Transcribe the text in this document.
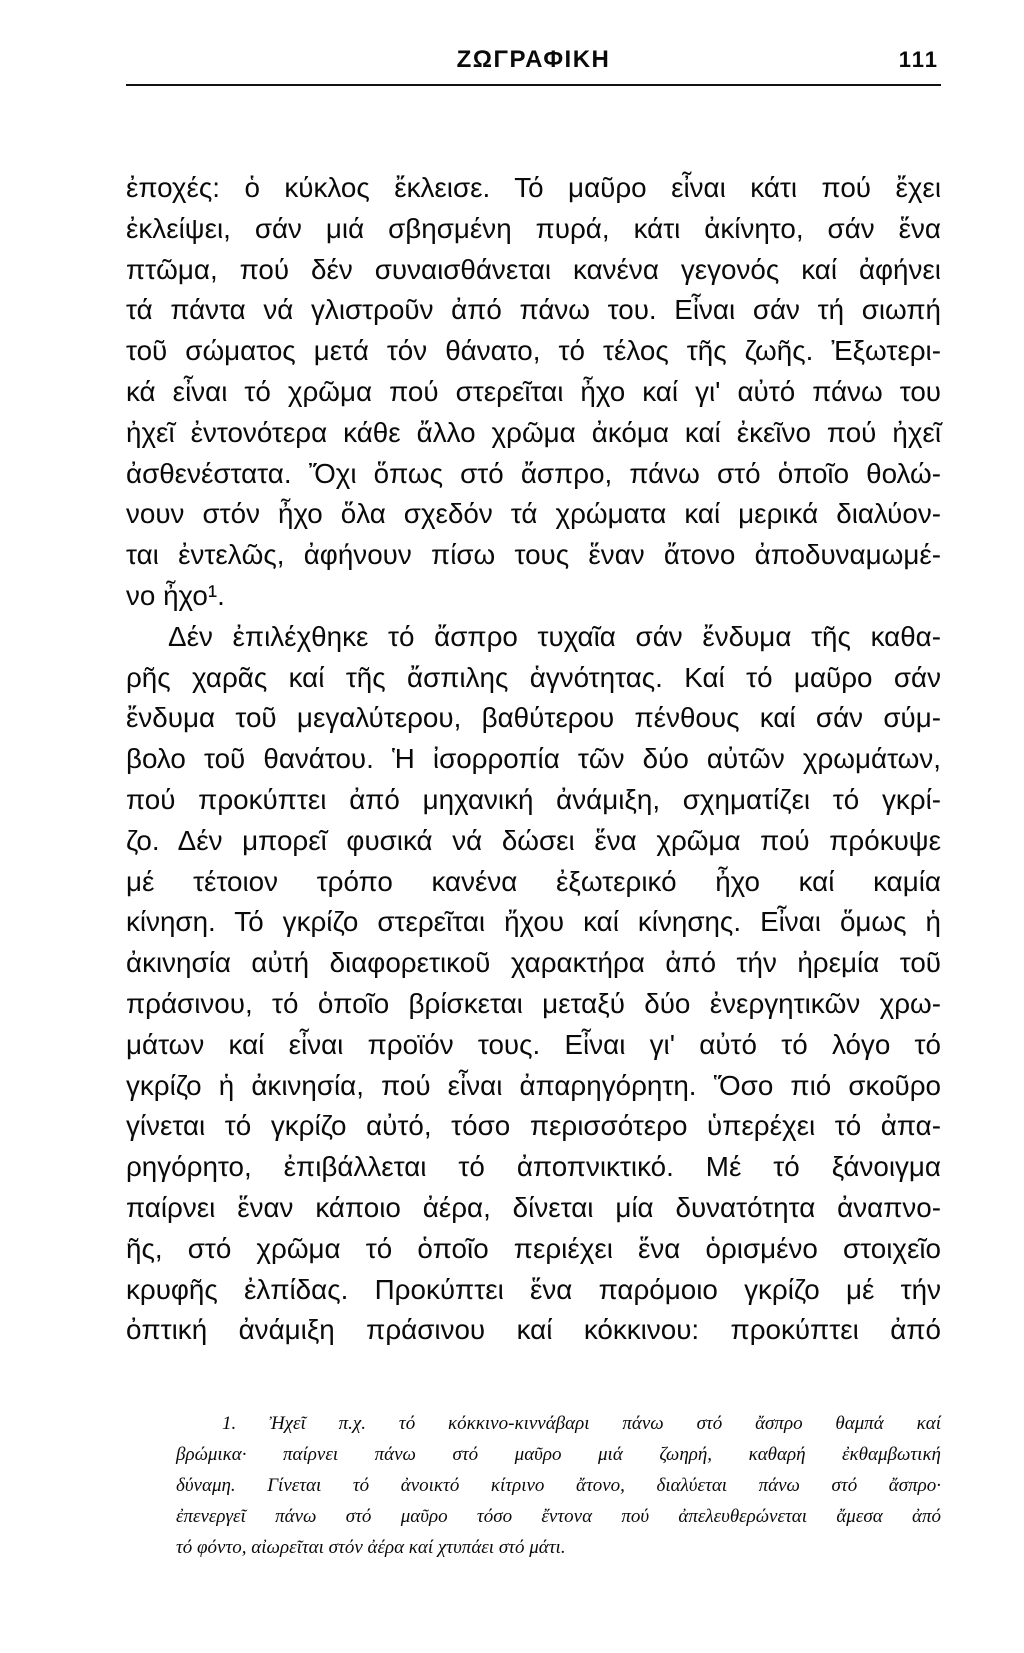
ΖΩΓΡΑΦΙΚΗ	111
ἐποχές: ὁ κύκλος ἔκλεισε. Τό μαῦρο εἶναι κάτι πού ἔχει
ἐκλείψει, σάν μιά σβησμένη πυρά, κάτι ἀκίνητο, σάν ἕνα
πτῶμα, πού δέν συναισθάνεται κανένα γεγονός καί ἀφήνει
τά πάντα νά γλιστροῦν ἀπό πάνω του. Εἶναι σάν τή σιωπή
τοῦ σώματος μετά τόν θάνατο, τό τέλος τῆς ζωῆς. Ἐξωτερι-
κά εἶναι τό χρῶμα πού στερεῖται ἦχο καί γι' αὐτό πάνω του
ἠχεῖ ἐντονότερα κάθε ἄλλο χρῶμα ἀκόμα καί ἐκεῖνο πού ἠχεῖ
ἀσθενέστατα. Ὄχι ὅπως στό ἄσπρο, πάνω στό ὁποῖο θολώ-
νουν στόν ἦχο ὅλα σχεδόν τά χρώματα καί μερικά διαλύον-
ται ἐντελῶς, ἀφήνουν πίσω τους ἕναν ἄτονο ἀποδυναμωμέ-
νο ἦχο¹.
Δέν ἐπιλέχθηκε τό ἄσπρο τυχαῖα σάν ἔνδυμα τῆς καθα-
ρῆς χαρᾶς καί τῆς ἄσπιλης ἁγνότητας. Καί τό μαῦρο σάν
ἔνδυμα τοῦ μεγαλύτερου, βαθύτερου πένθους καί σάν σύμ-
βολο τοῦ θανάτου. Ἡ ἰσορροπία τῶν δύο αὐτῶν χρωμάτων,
πού προκύπτει ἀπό μηχανική ἀνάμιξη, σχηματίζει τό γκρί-
ζο. Δέν μπορεῖ φυσικά νά δώσει ἕνα χρῶμα πού πρόκυψε
μέ τέτοιον τρόπο κανένα ἐξωτερικό ἦχο καί καμία
κίνηση. Τό γκρίζο στερεῖται ἤχου καί κίνησης. Εἶναι ὅμως ἡ
ἀκινησία αὐτή διαφορετικοῦ χαρακτήρα ἀπό τήν ἠρεμία τοῦ
πράσινου, τό ὁποῖο βρίσκεται μεταξύ δύο ἐνεργητικῶν χρω-
μάτων καί εἶναι προϊόν τους. Εἶναι γι' αὐτό τό λόγο τό
γκρίζο ἡ ἀκινησία, πού εἶναι ἀπαρηγόρητη. Ὅσο πιό σκοῦρο
γίνεται τό γκρίζο αὐτό, τόσο περισσότερο ὑπερέχει τό ἀπα-
ρηγόρητο, ἐπιβάλλεται τό ἀποπνικτικό. Μέ τό ξάνοιγμα
παίρνει ἕναν κάποιο ἀέρα, δίνεται μία δυνατότητα ἀναπνο-
ῆς, στό χρῶμα τό ὁποῖο περιέχει ἕνα ὁρισμένο στοιχεῖο
κρυφῆς ἐλπίδας. Προκύπτει ἕνα παρόμοιο γκρίζο μέ τήν
ὀπτική ἀνάμιξη πράσινου καί κόκκινου: προκύπτει ἀπό
1. Ἠχεῖ π.χ. τό κόκκινο-κιννάβαρι πάνω στό ἄσπρο θαμπά καί
βρώμικα· παίρνει πάνω στό μαῦρο μιά ζωηρή, καθαρή ἐκθαμβωτική
δύναμη. Γίνεται τό ἀνοικτό κίτρινο ἄτονο, διαλύεται πάνω στό ἄσπρο·
ἐπενεργεῖ πάνω στό μαῦρο τόσο ἔντονα πού ἀπελευθερώνεται ἄμεσα ἀπό
τό φόντο, αἰωρεῖται στόν ἀέρα καί χτυπάει στό μάτι.
